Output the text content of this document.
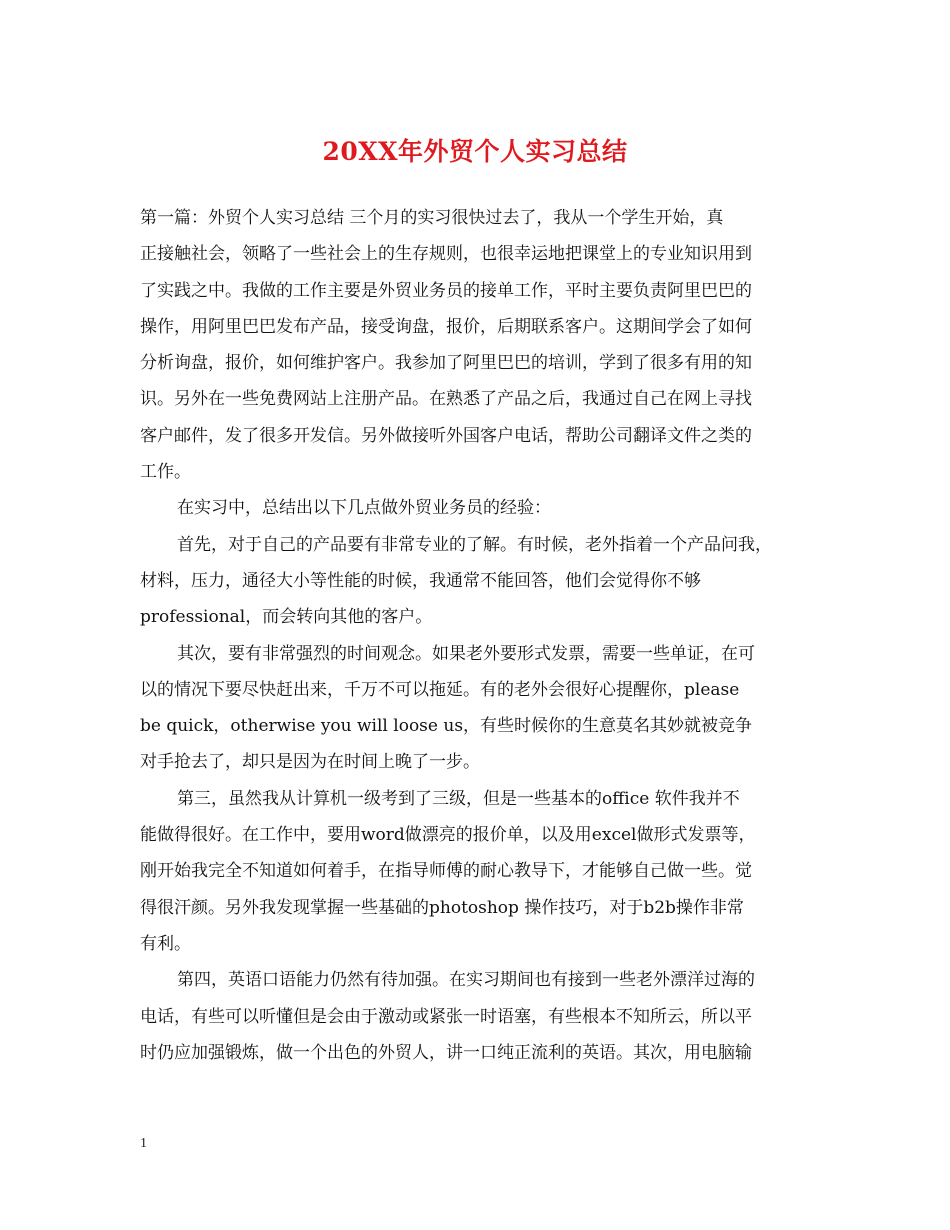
20XX年外贸个人实习总结
第一篇：外贸个人实习总结 三个月的实习很快过去了，我从一个学生开始，真
正接触社会，领略了一些社会上的生存规则，也很幸运地把课堂上的专业知识用到
了实践之中。我做的工作主要是外贸业务员的接单工作，平时主要负责阿里巴巴的
操作，用阿里巴巴发布产品，接受询盘，报价，后期联系客户。这期间学会了如何
分析询盘，报价，如何维护客户。我参加了阿里巴巴的培训，学到了很多有用的知
识。另外在一些免费网站上注册产品。在熟悉了产品之后，我通过自己在网上寻找
客户邮件，发了很多开发信。另外做接听外国客户电话，帮助公司翻译文件之类的
工作。
在实习中，总结出以下几点做外贸业务员的经验：
首先，对于自己的产品要有非常专业的了解。有时候，老外指着一个产品问我，
材料，压力，通径大小等性能的时候，我通常不能回答，他们会觉得你不够
professional，而会转向其他的客户。
其次，要有非常强烈的时间观念。如果老外要形式发票，需要一些单证，在可
以的情况下要尽快赶出来，千万不可以拖延。有的老外会很好心提醒你，please
be quick，otherwise you will loose us，有些时候你的生意莫名其妙就被竞争
对手抢去了，却只是因为在时间上晚了一步。
第三，虽然我从计算机一级考到了三级，但是一些基本的office 软件我并不
能做得很好。在工作中，要用word做漂亮的报价单，以及用excel做形式发票等，
刚开始我完全不知道如何着手，在指导师傅的耐心教导下，才能够自己做一些。觉
得很汗颜。另外我发现掌握一些基础的photoshop 操作技巧，对于b2b操作非常
有利。
第四，英语口语能力仍然有待加强。在实习期间也有接到一些老外漂洋过海的
电话，有些可以听懂但是会由于激动或紧张一时语塞，有些根本不知所云，所以平
时仍应加强锻炼，做一个出色的外贸人，讲一口纯正流利的英语。其次，用电脑输
1
